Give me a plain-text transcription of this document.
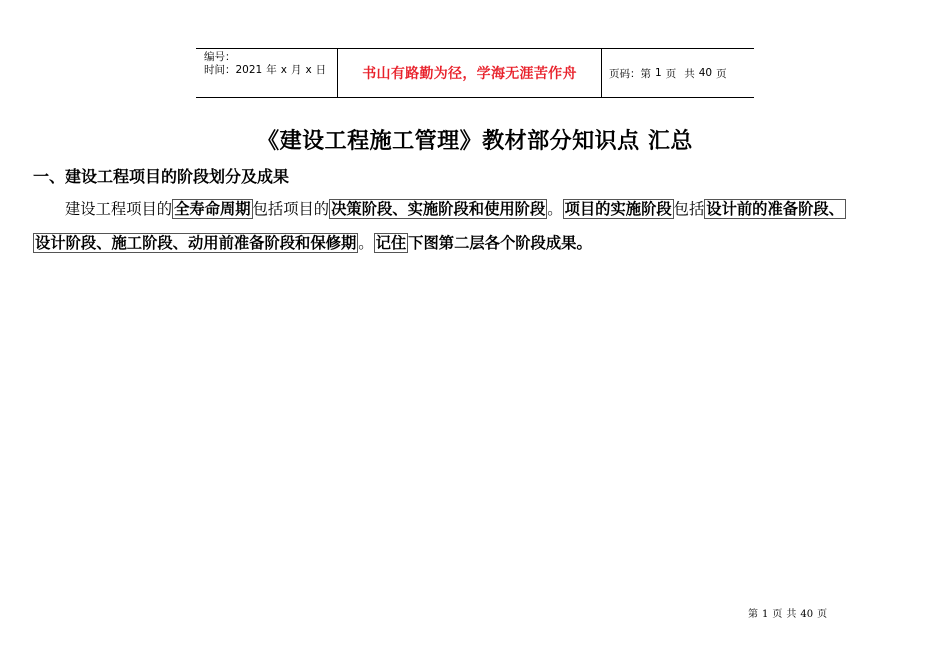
编号：
时间：2021 年 x 月 x 日	书山有路勤为径，学海无涯苦作舟	页码：第 1 页 共 40 页
《建设工程施工管理》教材部分知识点 汇总
一、建设工程项目的阶段划分及成果
建设工程项目的 全寿命周期 包括项目的 决策阶段、实施阶段和使用阶段 。 项目的实施阶段 包括 设计前的准备阶段、
设计阶段、施工阶段、动用前准备阶段和保修期 。 记住 下图第二层各个阶段成果。
第 1 页 共 40 页
